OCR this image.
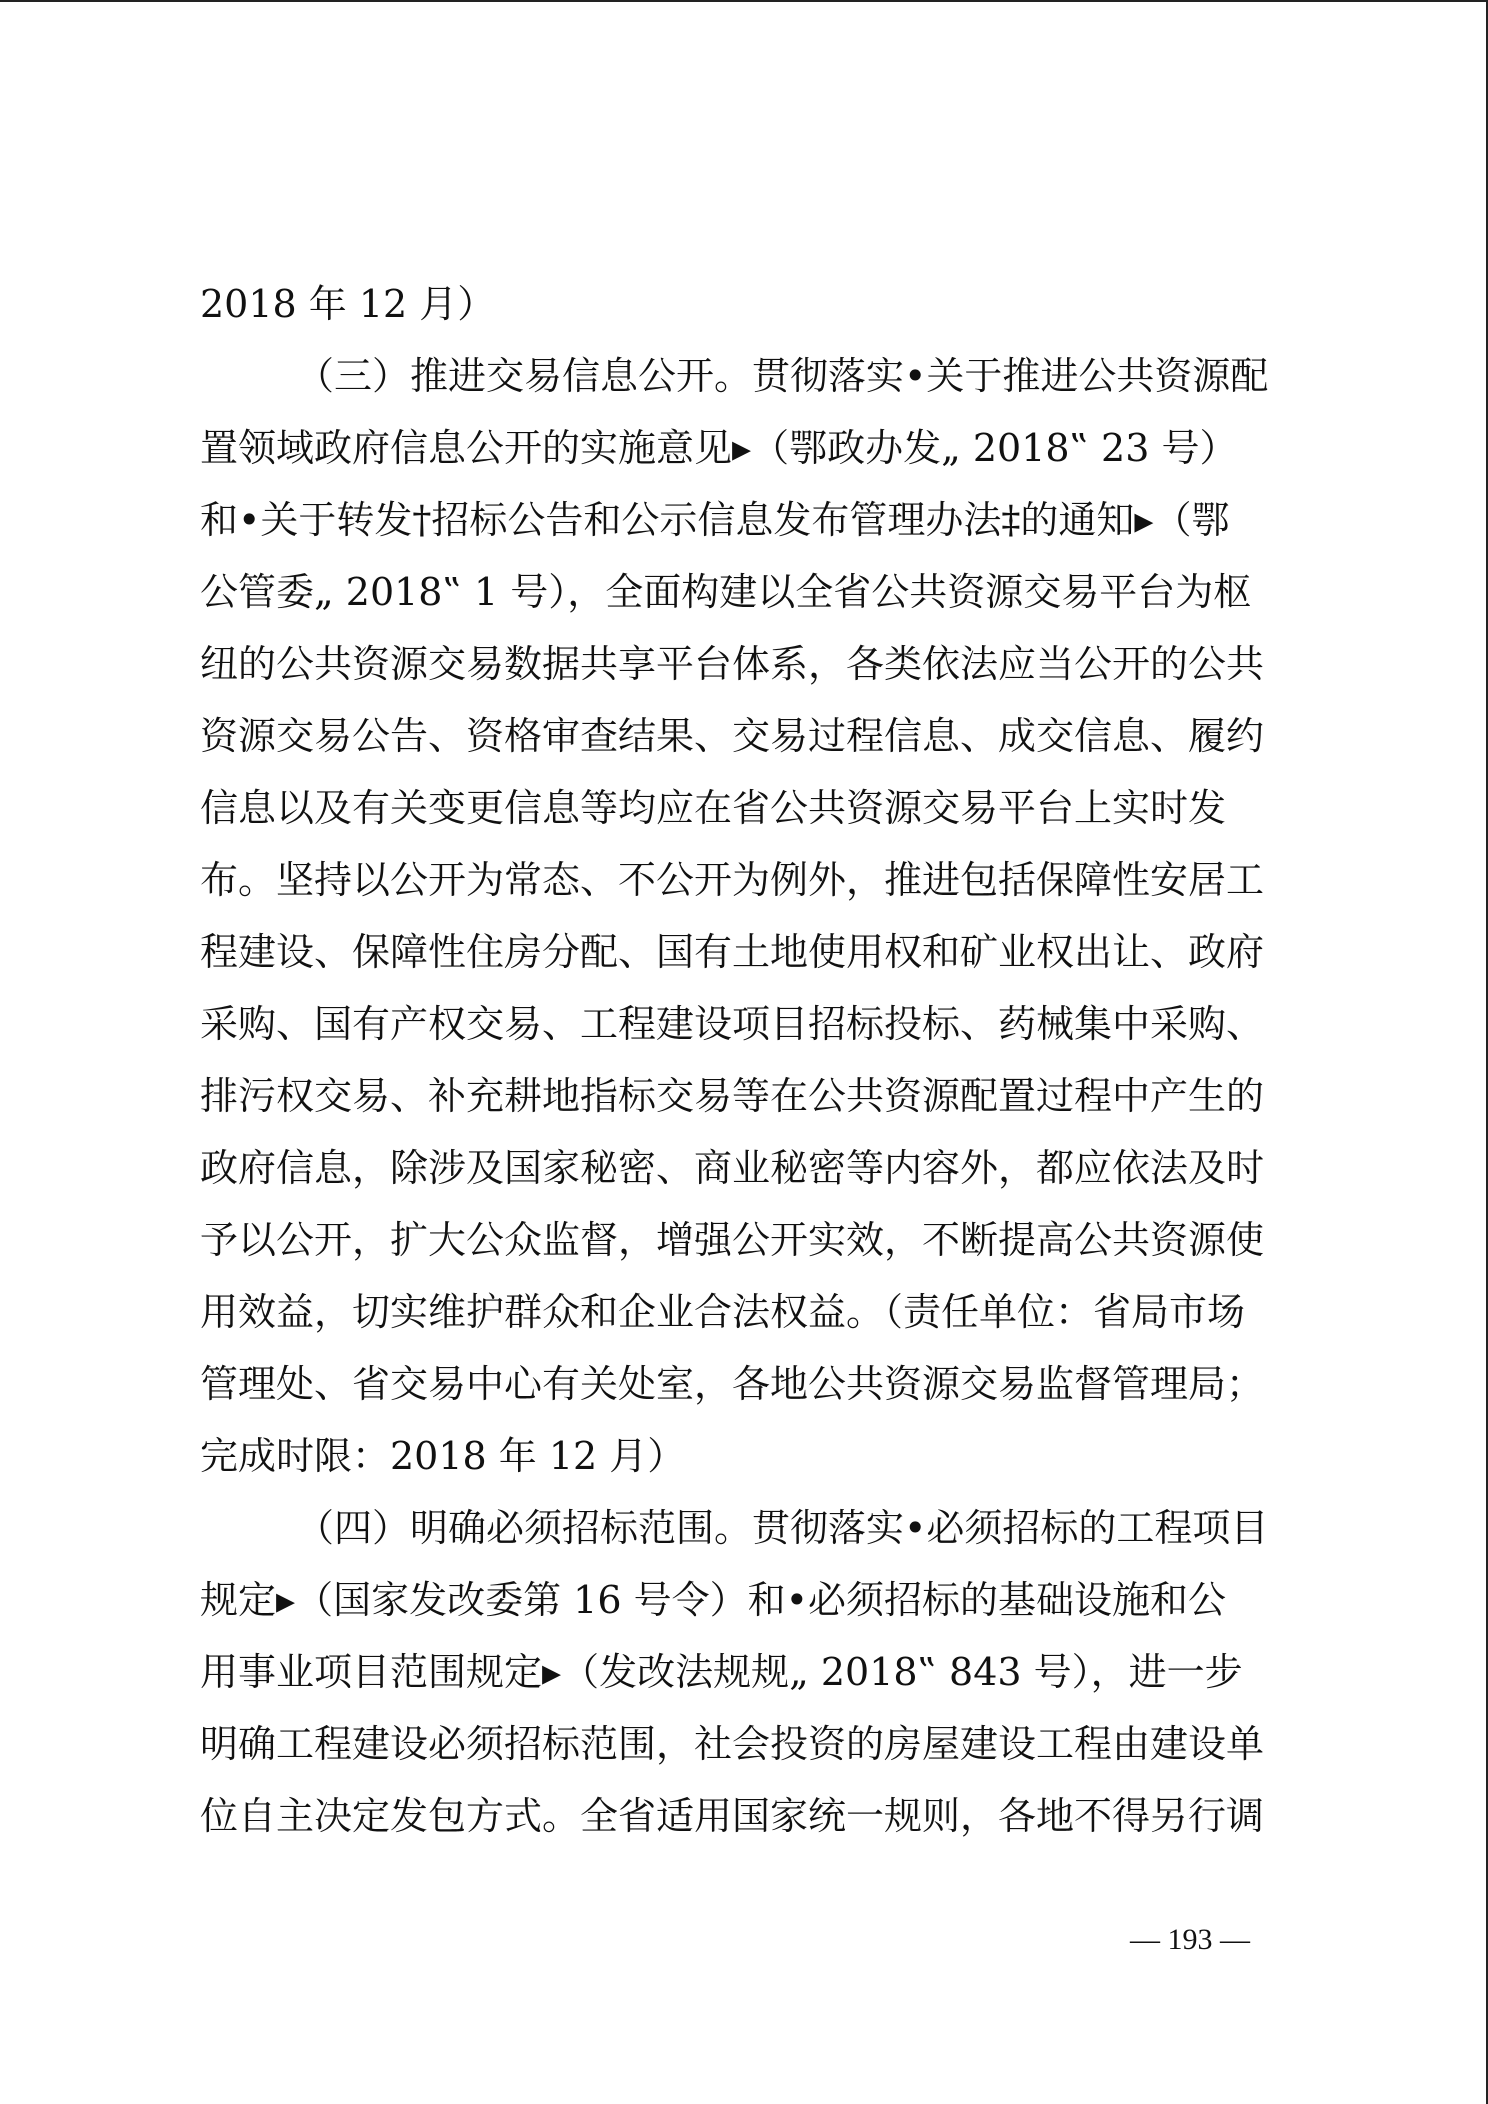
2018 年 12 月）
（三）推进交易信息公开。贯彻落实•关于推进公共资源配
置领域政府信息公开的实施意见▸（鄂政办发„ 2018‟ 23 号）
和•关于转发†招标公告和公示信息发布管理办法‡的通知▸（鄂
公管委„ 2018‟ 1 号），全面构建以全省公共资源交易平台为枢
纽的公共资源交易数据共享平台体系，各类依法应当公开的公共
资源交易公告、资格审查结果、交易过程信息、成交信息、履约
信息以及有关变更信息等均应在省公共资源交易平台上实时发
布。坚持以公开为常态、不公开为例外，推进包括保障性安居工
程建设、保障性住房分配、国有土地使用权和矿业权出让、政府
采购、国有产权交易、工程建设项目招标投标、药械集中采购、
排污权交易、补充耕地指标交易等在公共资源配置过程中产生的
政府信息，除涉及国家秘密、商业秘密等内容外，都应依法及时
予以公开，扩大公众监督，增强公开实效，不断提高公共资源使
用效益，切实维护群众和企业合法权益。（责任单位：省局市场
管理处、省交易中心有关处室，各地公共资源交易监督管理局；
完成时限：2018 年 12 月）
（四）明确必须招标范围。贯彻落实•必须招标的工程项目
规定▸（国家发改委第 16 号令）和•必须招标的基础设施和公
用事业项目范围规定▸（发改法规规„ 2018‟ 843 号），进一步
明确工程建设必须招标范围，社会投资的房屋建设工程由建设单
位自主决定发包方式。全省适用国家统一规则，各地不得另行调
— 193 —
